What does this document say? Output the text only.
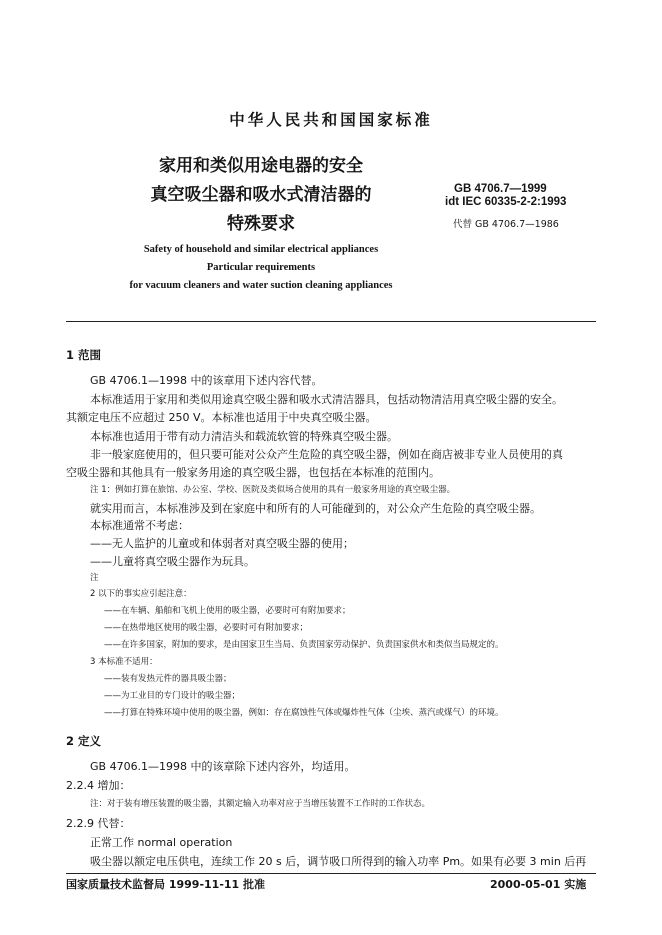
中华人民共和国国家标准
家用和类似用途电器的安全
真空吸尘器和吸水式清洁器的
特殊要求
GB 4706.7—1999
idt IEC 60335-2-2:1993
代替 GB 4706.7—1986
Safety of household and similar electrical appliances
Particular requirements
for vacuum cleaners and water suction cleaning appliances
1 范围
GB 4706.1—1998 中的该章用下述内容代替。
本标准适用于家用和类似用途真空吸尘器和吸水式清洁器具，包括动物清洁用真空吸尘器的安全。
其额定电压不应超过 250 V。本标准也适用于中央真空吸尘器。
本标准也适用于带有动力清洁头和载流软管的特殊真空吸尘器。
非一般家庭使用的，但只要可能对公众产生危险的真空吸尘器，例如在商店被非专业人员使用的真
空吸尘器和其他具有一般家务用途的真空吸尘器，也包括在本标准的范围内。
注 1：例如打算在旅馆、办公室、学校、医院及类似场合使用的具有一般家务用途的真空吸尘器。
就实用而言，本标准涉及到在家庭中和所有的人可能碰到的，对公众产生危险的真空吸尘器。
本标准通常不考虑：
——无人监护的儿童或和体弱者对真空吸尘器的使用；
——儿童将真空吸尘器作为玩具。
注
2 以下的事实应引起注意：
——在车辆、船舶和飞机上使用的吸尘器，必要时可有附加要求；
——在热带地区使用的吸尘器，必要时可有附加要求；
——在许多国家，附加的要求，是由国家卫生当局、负责国家劳动保护、负责国家供水和类似当局规定的。
3 本标准不适用：
——装有发热元件的器具吸尘器；
——为工业目的专门设计的吸尘器；
——打算在特殊环境中使用的吸尘器，例如：存在腐蚀性气体或爆炸性气体（尘埃、蒸汽或煤气）的环境。
2 定义
GB 4706.1—1998 中的该章除下述内容外，均适用。
2.2.4 增加：
注：对于装有增压装置的吸尘器，其额定输入功率对应于当增压装置不工作时的工作状态。
2.2.9 代替：
正常工作 normal operation
吸尘器以额定电压供电，连续工作 20 s 后，调节吸口所得到的输入功率 Pm。如果有必要 3 min 后再
国家质量技术监督局 1999-11-11 批准	2000-05-01 实施
